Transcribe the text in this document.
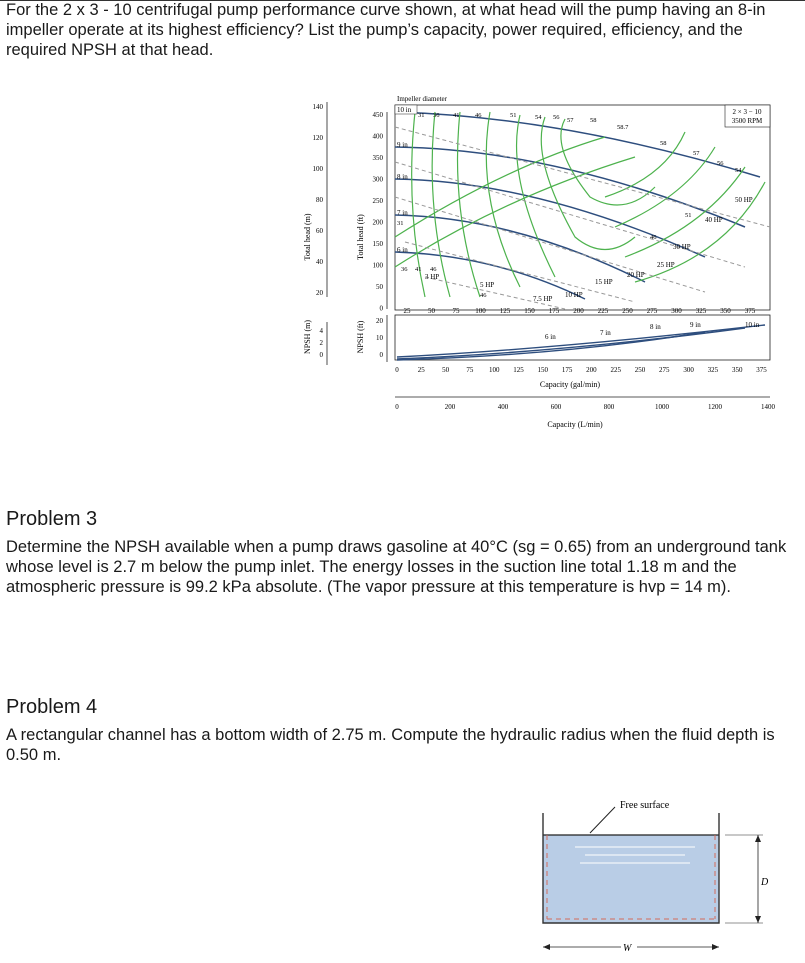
For the 2 x 3 - 10 centrifugal pump performance curve shown, at what head will the pump having an 8-in impeller operate at its highest efficiency? List the pump’s capacity, power required, efficiency, and the required NPSH at that head.

Total head (m)	Total head (ft)
NPSH (m)	NPSH (ft)
140
120
100
80
60
40
20
450
400
350
300
250
200
150
100
50
0
4
2
0
20
10
0
Impeller diameter
2 × 3 − 10
3500 RPM
10 in
9 in
8 in
7 in
6 in
31 36 41 46	51	54 56 57	58
58.7
58
57
56
54
51
46
31
36 41 46
46
50 HP
40 HP
30 HP
25 HP
20 HP
15 HP
10 HP
7.5 HP
5 HP
3 HP
25	50	75 100 125 150 175 200 225 250 275 300 325 350 375
6 in	7 in
8 in	9 in	10 in
0	25 50 75 100 125 150 175 200 225 250 275 300 325 350 375
Capacity (gal/min)
0	200	400	600	800	1000	1200	1400
Capacity (L/min)
Problem 3

Determine the NPSH available when a pump draws gasoline at 40°C (sg = 0.65) from an underground tank whose level is 2.7 m below the pump inlet. The energy losses in the suction line total 1.18 m and the atmospheric pressure is 99.2 kPa absolute. (The vapor pressure at this temperature is hvp = 14 m).

Problem 4

A rectangular channel has a bottom width of 2.75 m. Compute the hydraulic radius when the fluid depth is 0.50 m.

Free surface
D
W
